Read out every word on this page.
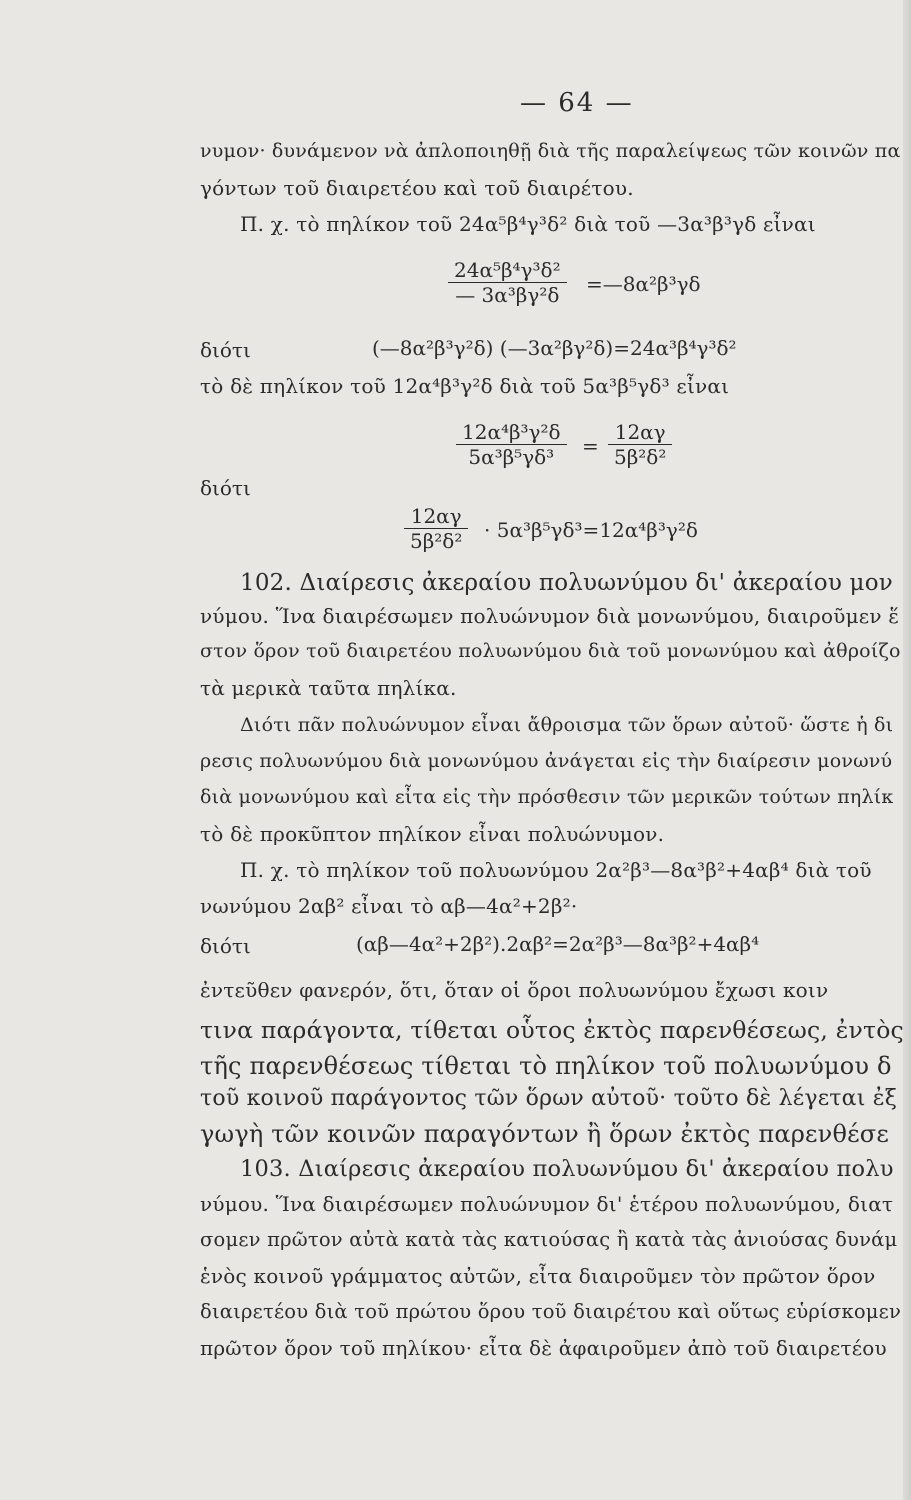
— 64 —
νυμον· δυνάμενον νὰ ἀπλοποιηθῇ διὰ τῆς παραλείψεως τῶν κοινῶν πα
γόντων τοῦ διαιρετέου καὶ τοῦ διαιρέτου.
Π. χ. τὸ πηλίκον τοῦ 24α⁵β⁴γ³δ² διὰ τοῦ —3α³β³γδ εἶναι
$\frac{\text{24α⁵β⁴γ³δ²}}{\text{— 3α³βγ²δ}}$ =—8α²β³γδ
διότι	(—8α²β³γ²δ) (—3α²βγ²δ)=24α³β⁴γ³δ²
τὸ δὲ πηλίκον τοῦ 12α⁴β³γ²δ διὰ τοῦ 5α³β⁵γδ³ εἶναι
$\frac{\text{12α⁴β³γ²δ}}{\text{5α³β⁵γδ³}} = \frac{12\alpha\gamma}{\text{5β²δ²}}$
διότι
$\frac{12\alpha\gamma}{\text{5β²δ²}} \cdot 5\alpha^3\beta^5\gamma\delta^3=12\alpha^4\beta^3\gamma^2\delta$
102. Διαίρεσις ἀκεραίου πολυωνύμου δι' ἀκεραίου μον
νύμου. Ἵνα διαιρέσωμεν πολυώνυμον διὰ μονωνύμου, διαιροῦμεν ἕ
στον ὅρον τοῦ διαιρετέου πολυωνύμου διὰ τοῦ μονωνύμου καὶ ἀθροίζο
τὰ μερικὰ ταῦτα πηλίκα.
Διότι πᾶν πολυώνυμον εἶναι ἄθροισμα τῶν ὅρων αὐτοῦ· ὥστε ἡ δι
ρεσις πολυωνύμου διὰ μονωνύμου ἀνάγεται εἰς τὴν διαίρεσιν μονωνύ
διὰ μονωνύμου καὶ εἶτα εἰς τὴν πρόσθεσιν τῶν μερικῶν τούτων πηλίκ
τὸ δὲ προκῦπτον πηλίκον εἶναι πολυώνυμον.
Π. χ. τὸ πηλίκον τοῦ πολυωνύμου 2α²β³—8α³β²+4αβ⁴ διὰ τοῦ
νωνύμου 2αβ² εἶναι τὸ αβ—4α²+2β²·
διότι	(αβ—4α²+2β²).2αβ²=2α²β³—8α³β²+4αβ⁴
ἐντεῦθεν φανερόν, ὅτι, ὅταν οἱ ὅροι πολυωνύμου ἔχωσι κοιν
τινα παράγοντα, τίθεται οὗτος ἐκτὸς παρενθέσεως, ἐντὸς
τῆς παρενθέσεως τίθεται τὸ πηλίκον τοῦ πολυωνύμου δ
τοῦ κοινοῦ παράγοντος τῶν ὅρων αὐτοῦ· τοῦτο δὲ λέγεται ἐξ
γωγὴ τῶν κοινῶν παραγόντων ἢ ὅρων ἐκτὸς παρενθέσε
103. Διαίρεσις ἀκεραίου πολυωνύμου δι' ἀκεραίου πολυ
νύμου. Ἵνα διαιρέσωμεν πολυώνυμον δι' ἑτέρου πολυωνύμου, διατ
σομεν πρῶτον αὐτὰ κατὰ τὰς κατιούσας ἢ κατὰ τὰς ἀνιούσας δυνάμ
ἑνὸς κοινοῦ γράμματος αὐτῶν, εἶτα διαιροῦμεν τὸν πρῶτον ὅρον
διαιρετέου διὰ τοῦ πρώτου ὅρου τοῦ διαιρέτου καὶ οὕτως εὑρίσκομεν
πρῶτον ὅρον τοῦ πηλίκου· εἶτα δὲ ἀφαιροῦμεν ἀπὸ τοῦ διαιρετέου
